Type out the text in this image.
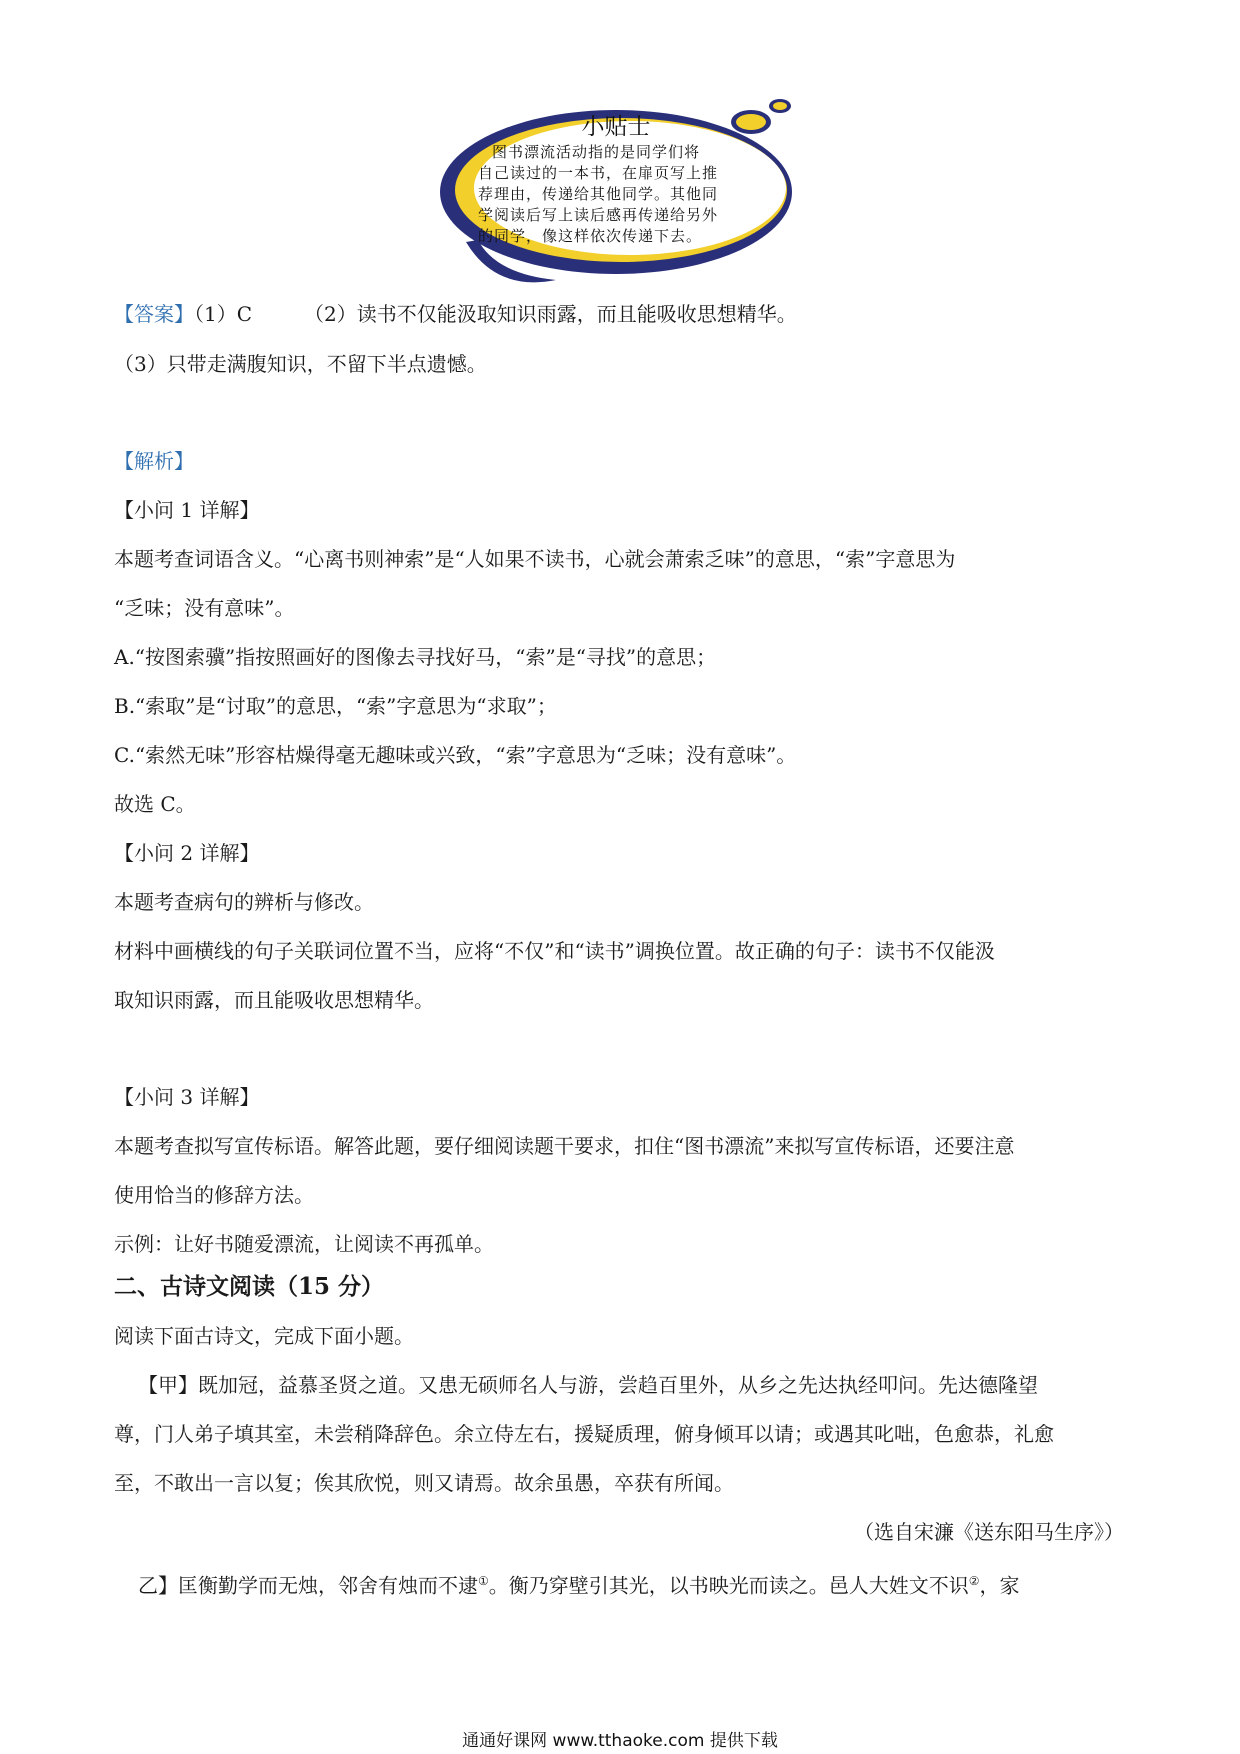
小贴士
图书漂流活动指的是同学们将
自己读过的一本书，在扉页写上推
荐理由，传递给其他同学。其他同
学阅读后写上读后感再传递给另外
的同学，像这样依次传递下去。
【答案】（1）C	（2）读书不仅能汲取知识雨露，而且能吸收思想精华。
（3）只带走满腹知识，不留下半点遗憾。
【解析】
【小问 1 详解】
本题考查词语含义。“心离书则神索”是“人如果不读书，心就会萧索乏味”的意思，“索”字意思为
“乏味；没有意味”。
A.“按图索骥”指按照画好的图像去寻找好马，“索”是“寻找”的意思；
B.“索取”是“讨取”的意思，“索”字意思为“求取”；
C.“索然无味”形容枯燥得毫无趣味或兴致，“索”字意思为“乏味；没有意味”。
故选 C。
【小问 2 详解】
本题考查病句的辨析与修改。
材料中画横线的句子关联词位置不当，应将“不仅”和“读书”调换位置。故正确的句子：读书不仅能汲
取知识雨露，而且能吸收思想精华。
【小问 3 详解】
本题考查拟写宣传标语。解答此题，要仔细阅读题干要求，扣住“图书漂流”来拟写宣传标语，还要注意
使用恰当的修辞方法。
示例：让好书随爱漂流，让阅读不再孤单。
二、古诗文阅读（15 分）
阅读下面古诗文，完成下面小题。
【甲】既加冠，益慕圣贤之道。又患无硕师名人与游，尝趋百里外，从乡之先达执经叩问。先达德隆望
尊，门人弟子填其室，未尝稍降辞色。余立侍左右，援疑质理，俯身倾耳以请；或遇其叱咄，色愈恭，礼愈
至，不敢出一言以复；俟其欣悦，则又请焉。故余虽愚，卒获有所闻。
（选自宋濂《送东阳马生序》）
乙】匡衡勤学而无烛，邻舍有烛而不逮①。衡乃穿壁引其光，以书映光而读之。邑人大姓文不识②，家
通通好课网 www.tthaoke.com 提供下载
